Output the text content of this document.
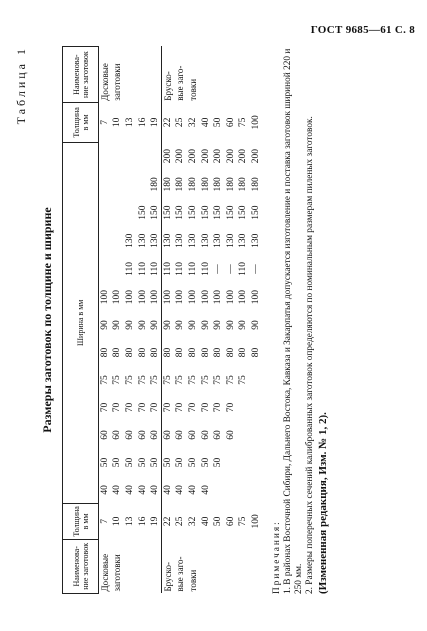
ГОСТ 9685—61 С. 8
Таблица 1
Размеры заготовок по толщине и ширине
Наименова-ние заготовок	Толщина в мм	Ширина в мм													Толщина в мм	Наименова-ние заготовок
Досковые	7	40	50	60	70	75	80	90	100						7	Досковые
заготовки	10	40	50	60	70	75	80	90	100						10	заготовки
	13	40	50	60	70	75	80	90	100	110	130				13	
	16	40	50	60	70	75	80	90	100	110	130	150			16	
	19	40	50	60	70	75	80	90	100	110	130	150	180		19	
Бруско-	22	40	50	60	70	75	80	90	100	110	130	150	180	200	22	Бруско-
вые заго-	25	40	50	60	70	75	80	90	100	110	130	150	180	200	25	вые заго-
товки	32	40	50	60	70	75	80	90	100	110	130	150	180	200	32	товки
	40	40	50	60	70	75	80	90	100	110	130	150	180	200	40	
	50		50	60	70	75	80	90	100	—	130	150	180	200	50	
	60			60	70	75	80	90	100	—	130	150	180	200	60	
	75					75	80	90	100	110	130	150	180	200	75	
	100						80	90	100	—	130	150	180	200	100	
Примечания: 1. В районах Восточной Сибири, Дальнего Востока, Кавказа и Закарпатья допускается изготовление и поставка заготовок шириной 220 и 250 мм. 2. Размеры поперечных сечений калиброванных заготовок определяются по номинальным размерам пиленых заготовок. (Измененная редакция, Изм. № 1, 2).
